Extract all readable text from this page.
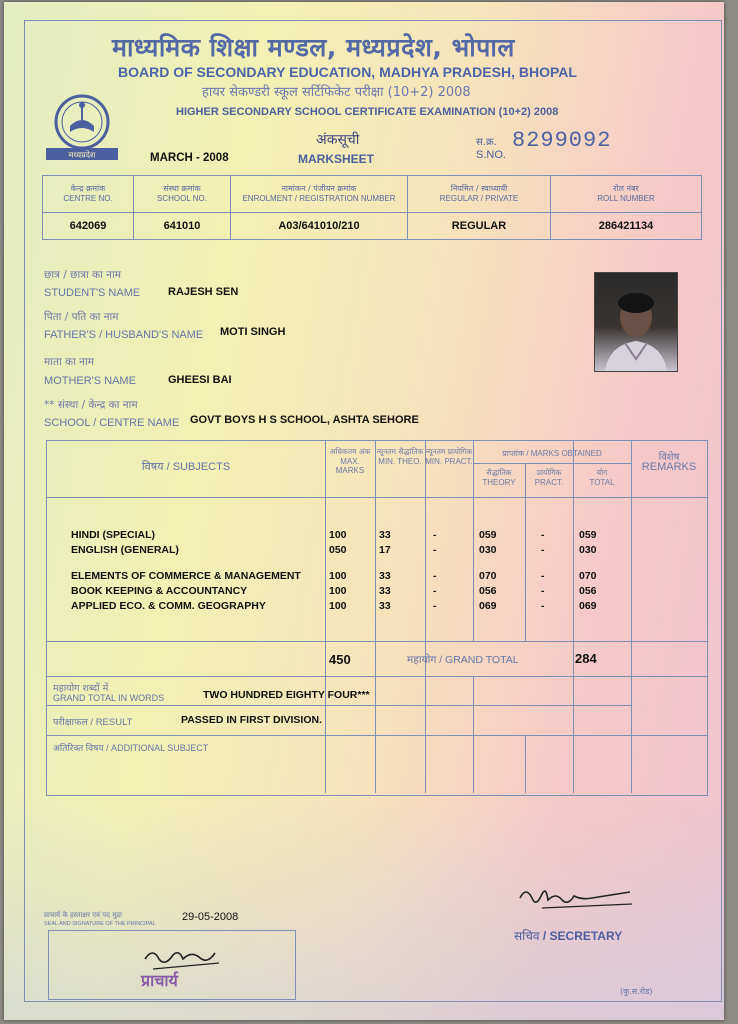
माध्यमिक शिक्षा मण्डल, मध्यप्रदेश, भोपाल
BOARD OF SECONDARY EDUCATION, MADHYA PRADESH, BHOPAL
हायर सेकण्डरी स्कूल सर्टिफिकेट परीक्षा (10+2) 2008
HIGHER SECONDARY SCHOOL CERTIFICATE EXAMINATION (10+2) 2008
मध्यप्रदेश	MARCH - 2008
अंकसूची
MARKSHEET
स.क्र.
S.NO.
8299092
केन्द्र क्रमांक
CENTRE NO.	संस्था क्रमांक
SCHOOL NO.	नामांकन / पंजीयन क्रमांक
ENROLMENT / REGISTRATION NUMBER	नियमित / स्वाध्यायी
REGULAR / PRIVATE	रोल नंबर
ROLL NUMBER
642069	641010	A03/641010/210	REGULAR	286421134
छात्र / छात्रा का नाम
STUDENT'S NAME	RAJESH SEN
पिता / पति का नाम
FATHER'S / HUSBAND'S NAME MOTI SINGH
माता का नाम
MOTHER'S NAME	GHEESI BAI
** संस्था / केन्द्र का नाम
SCHOOL / CENTRE NAME GOVT BOYS H S SCHOOL, ASHTA SEHORE
विषय / SUBJECTS
अधिकतम अंक
MAX. MARKS
न्यूनतम सैद्धांतिक
MIN. THEO.
न्यूनतम प्रायोगिक
MIN. PRACT.
प्राप्तांक / MARKS OBTAINED
सैद्धांतिक
THEORY
प्रायोगिक
PRACT.
योग
TOTAL
विशेष
REMARKS
HINDI (SPECIAL)	100	33	-	059	-	059
ENGLISH (GENERAL)	050	17	-	030	-	030
ELEMENTS OF COMMERCE & MANAGEMENT	100	33	-	070	-	070
BOOK KEEPING & ACCOUNTANCY	100	33	-	056	-	056
APPLIED ECO. & COMM. GEOGRAPHY	100	33	-	069	-	069
450	महायोग / GRAND TOTAL	284
महायोग शब्दों में
GRAND TOTAL IN WORDS	TWO HUNDRED EIGHTY FOUR***
परीक्षाफल / RESULT	PASSED IN FIRST DIVISION.
अतिरिक्त विषय / ADDITIONAL SUBJECT
प्राचार्य के हस्ताक्षर एवं पद मुद्रा
SEAL AND SIGNATURE OF THE PRINCIPAL
29-05-2008
सचिव / SECRETARY
प्राचार्य
(कु.स.रोड)
